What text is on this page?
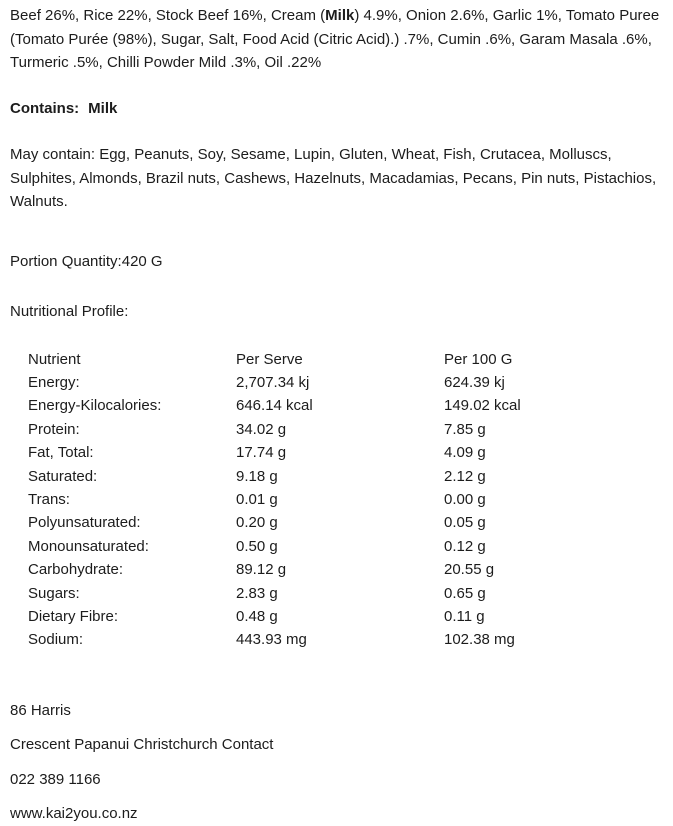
Beef 26%, Rice 22%, Stock Beef 16%, Cream (Milk) 4.9%, Onion 2.6%, Garlic 1%, Tomato Puree (Tomato Purée (98%), Sugar, Salt, Food Acid (Citric Acid).) .7%, Cumin .6%, Garam Masala .6%, Turmeric .5%, Chilli Powder Mild .3%, Oil .22%

Contains: Milk

May contain: Egg, Peanuts, Soy, Sesame, Lupin, Gluten, Wheat, Fish, Crutacea, Molluscs, Sulphites, Almonds, Brazil nuts, Cashews, Hazelnuts, Macadamias, Pecans, Pin nuts, Pistachios, Walnuts.

Portion Quantity:420 G

Nutritional Profile:

Nutrient	Per Serve	Per 100 G
Energy:	2,707.34 kj	624.39 kj
Energy-Kilocalories:	646.14 kcal	149.02 kcal
Protein:	34.02 g	7.85 g
Fat, Total:	17.74 g	4.09 g
Saturated:	9.18 g	2.12 g
Trans:	0.01 g	0.00 g
Polyunsaturated:	0.20 g	0.05 g
Monounsaturated:	0.50 g	0.12 g
Carbohydrate:	89.12 g	20.55 g
Sugars:	2.83 g	0.65 g
Dietary Fibre:	0.48 g	0.11 g
Sodium:	443.93 mg	102.38 mg

86 Harris

Crescent Papanui Christchurch Contact

022 389 1166

www.kai2you.co.nz
